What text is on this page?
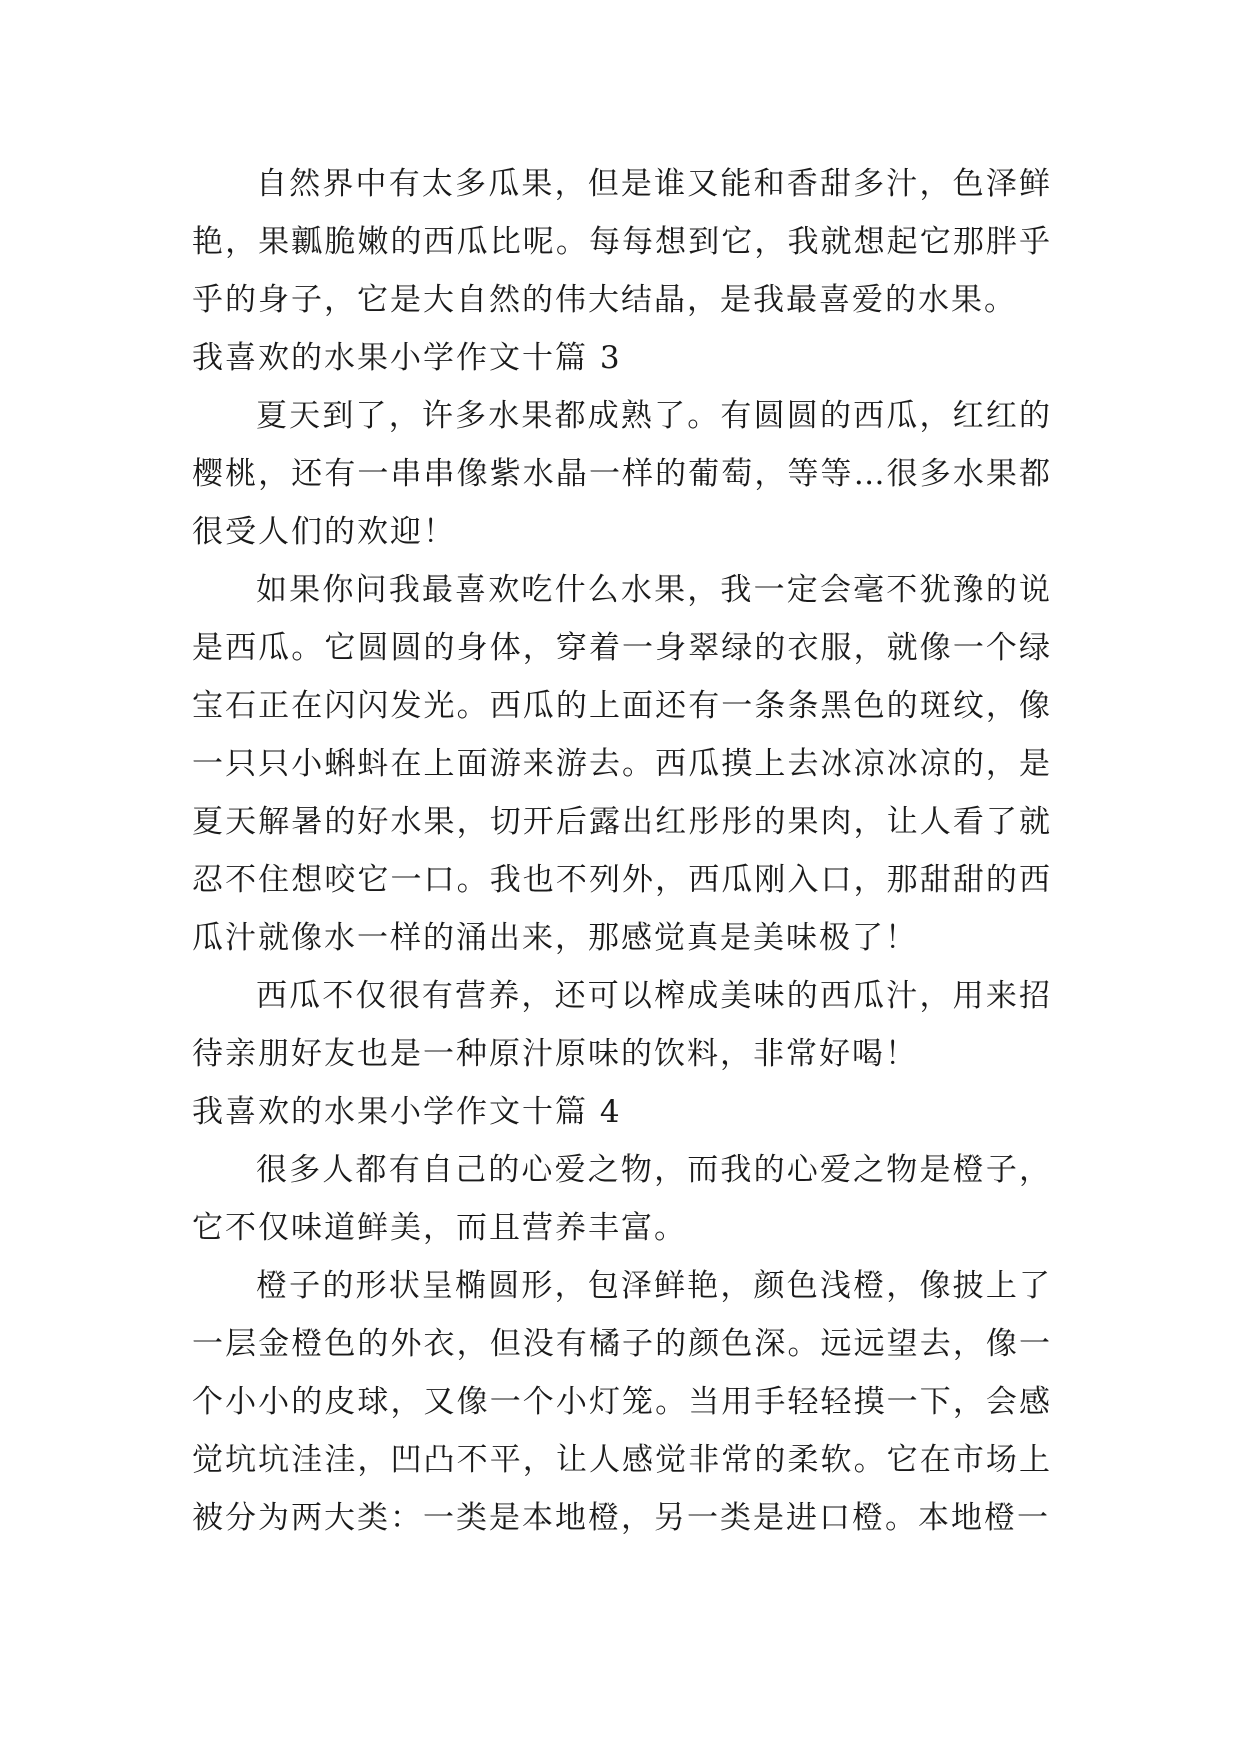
自然界中有太多瓜果，但是谁又能和香甜多汁，色泽鲜艳，果瓤脆嫩的西瓜比呢。每每想到它，我就想起它那胖乎乎的身子，它是大自然的伟大结晶，是我最喜爱的水果。

我喜欢的水果小学作文十篇 3

夏天到了，许多水果都成熟了。有圆圆的西瓜，红红的樱桃，还有一串串像紫水晶一样的葡萄，等等…很多水果都很受人们的欢迎！

如果你问我最喜欢吃什么水果，我一定会毫不犹豫的说是西瓜。它圆圆的身体，穿着一身翠绿的衣服，就像一个绿宝石正在闪闪发光。西瓜的上面还有一条条黑色的斑纹，像一只只小蝌蚪在上面游来游去。西瓜摸上去冰凉冰凉的，是夏天解暑的好水果，切开后露出红彤彤的果肉，让人看了就忍不住想咬它一口。我也不列外，西瓜刚入口，那甜甜的西瓜汁就像水一样的涌出来，那感觉真是美味极了！

西瓜不仅很有营养，还可以榨成美味的西瓜汁，用来招待亲朋好友也是一种原汁原味的饮料，非常好喝！

我喜欢的水果小学作文十篇 4

很多人都有自己的心爱之物，而我的心爱之物是橙子，它不仅味道鲜美，而且营养丰富。

橙子的形状呈椭圆形，包泽鲜艳，颜色浅橙，像披上了一层金橙色的外衣，但没有橘子的颜色深。远远望去，像一个小小的皮球，又像一个小灯笼。当用手轻轻摸一下，会感觉坑坑洼洼，凹凸不平，让人感觉非常的柔软。它在市场上被分为两大类：一类是本地橙，另一类是进口橙。本地橙一
